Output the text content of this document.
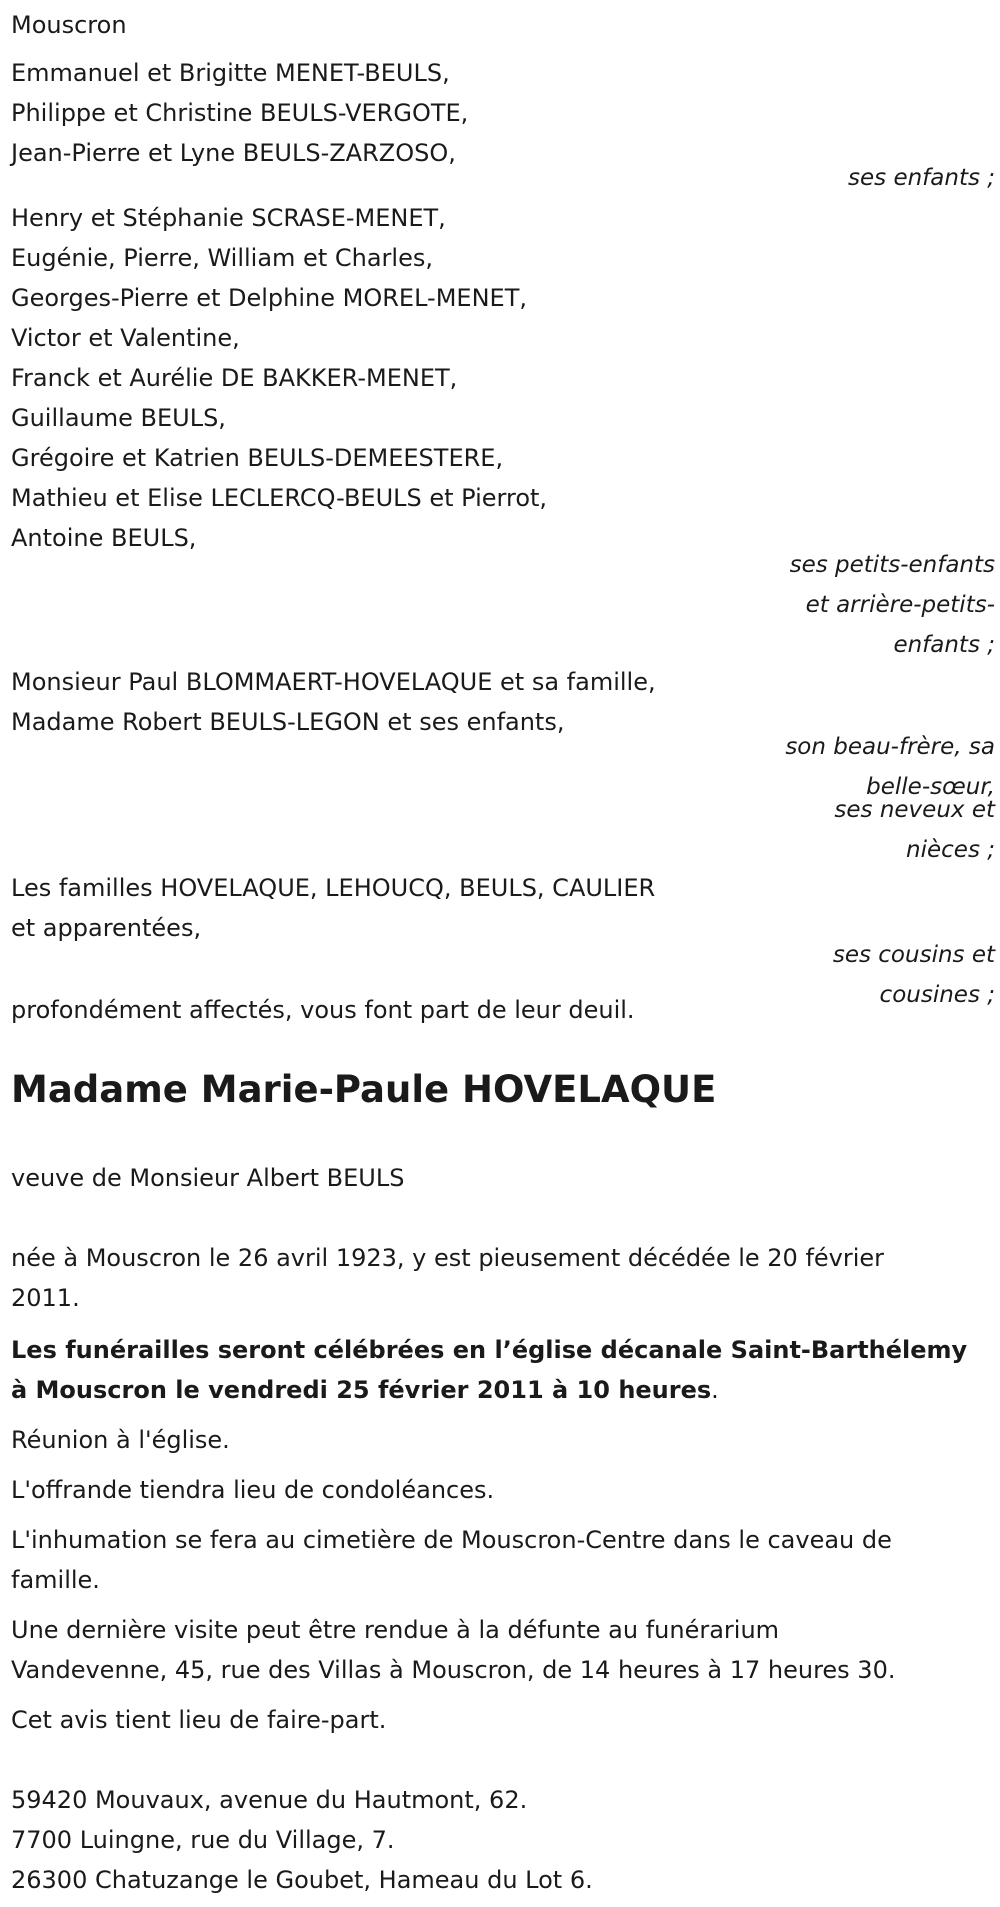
Mouscron

Emmanuel et Brigitte MENET-BEULS,

Philippe et Christine BEULS-VERGOTE,

Jean-Pierre et Lyne BEULS-ZARZOSO,

ses enfants ;

Henry et Stéphanie SCRASE-MENET,

Eugénie, Pierre, William et Charles,

Georges-Pierre et Delphine MOREL-MENET,

Victor et Valentine,

Franck et Aurélie DE BAKKER-MENET,

Guillaume BEULS,

Grégoire et Katrien BEULS-DEMEESTERE,

Mathieu et Elise LECLERCQ-BEULS et Pierrot,

Antoine BEULS,

ses petits-enfants
et arrière-petits-
enfants ;

Monsieur Paul BLOMMAERT-HOVELAQUE et sa famille,

Madame Robert BEULS-LEGON et ses enfants,

son beau-frère, sa
belle-sœur,
ses neveux et
nièces ;

Les familles HOVELAQUE, LEHOUCQ, BEULS, CAULIER

et apparentées,

ses cousins et
cousines ;

profondément affectés, vous font part de leur deuil.

Madame Marie-Paule HOVELAQUE

veuve de Monsieur Albert BEULS

née à Mouscron le 26 avril 1923, y est pieusement décédée le 20 février

2011.

Les funérailles seront célébrées en l’église décanale Saint-Barthélemy

à Mouscron le vendredi 25 février 2011 à 10 heures.

Réunion à l'église.

L'offrande tiendra lieu de condoléances.

L'inhumation se fera au cimetière de Mouscron-Centre dans le caveau de

famille.

Une dernière visite peut être rendue à la défunte au funérarium

Vandevenne, 45, rue des Villas à Mouscron, de 14 heures à 17 heures 30.

Cet avis tient lieu de faire-part.

59420 Mouvaux, avenue du Hautmont, 62.

7700 Luingne, rue du Village, 7.

26300 Chatuzange le Goubet, Hameau du Lot 6.
